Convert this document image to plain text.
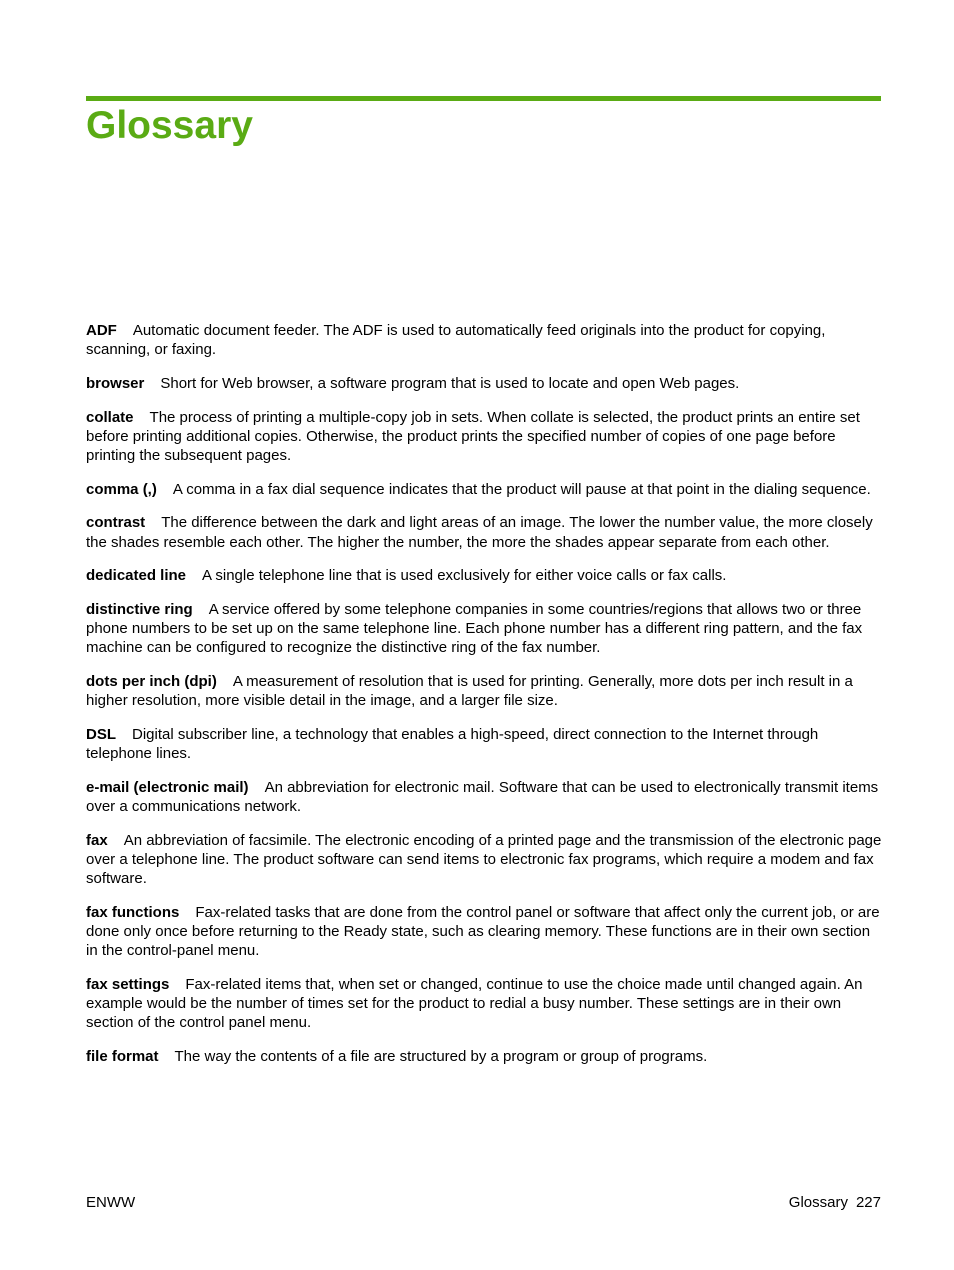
Glossary

ADF Automatic document feeder. The ADF is used to automatically feed originals into the product for copying, scanning, or faxing.

browser Short for Web browser, a software program that is used to locate and open Web pages.

collate The process of printing a multiple-copy job in sets. When collate is selected, the product prints an entire set before printing additional copies. Otherwise, the product prints the specified number of copies of one page before printing the subsequent pages.

comma (,) A comma in a fax dial sequence indicates that the product will pause at that point in the dialing sequence.

contrast The difference between the dark and light areas of an image. The lower the number value, the more closely the shades resemble each other. The higher the number, the more the shades appear separate from each other.

dedicated line A single telephone line that is used exclusively for either voice calls or fax calls.

distinctive ring A service offered by some telephone companies in some countries/regions that allows two or three phone numbers to be set up on the same telephone line. Each phone number has a different ring pattern, and the fax machine can be configured to recognize the distinctive ring of the fax number.

dots per inch (dpi) A measurement of resolution that is used for printing. Generally, more dots per inch result in a higher resolution, more visible detail in the image, and a larger file size.

DSL Digital subscriber line, a technology that enables a high-speed, direct connection to the Internet through telephone lines.

e-mail (electronic mail) An abbreviation for electronic mail. Software that can be used to electronically transmit items over a communications network.

fax An abbreviation of facsimile. The electronic encoding of a printed page and the transmission of the electronic page over a telephone line. The product software can send items to electronic fax programs, which require a modem and fax software.

fax functions Fax-related tasks that are done from the control panel or software that affect only the current job, or are done only once before returning to the Ready state, such as clearing memory. These functions are in their own section in the control-panel menu.

fax settings Fax-related items that, when set or changed, continue to use the choice made until changed again. An example would be the number of times set for the product to redial a busy number. These settings are in their own section of the control panel menu.

file format The way the contents of a file are structured by a program or group of programs.

ENWW	Glossary 227
